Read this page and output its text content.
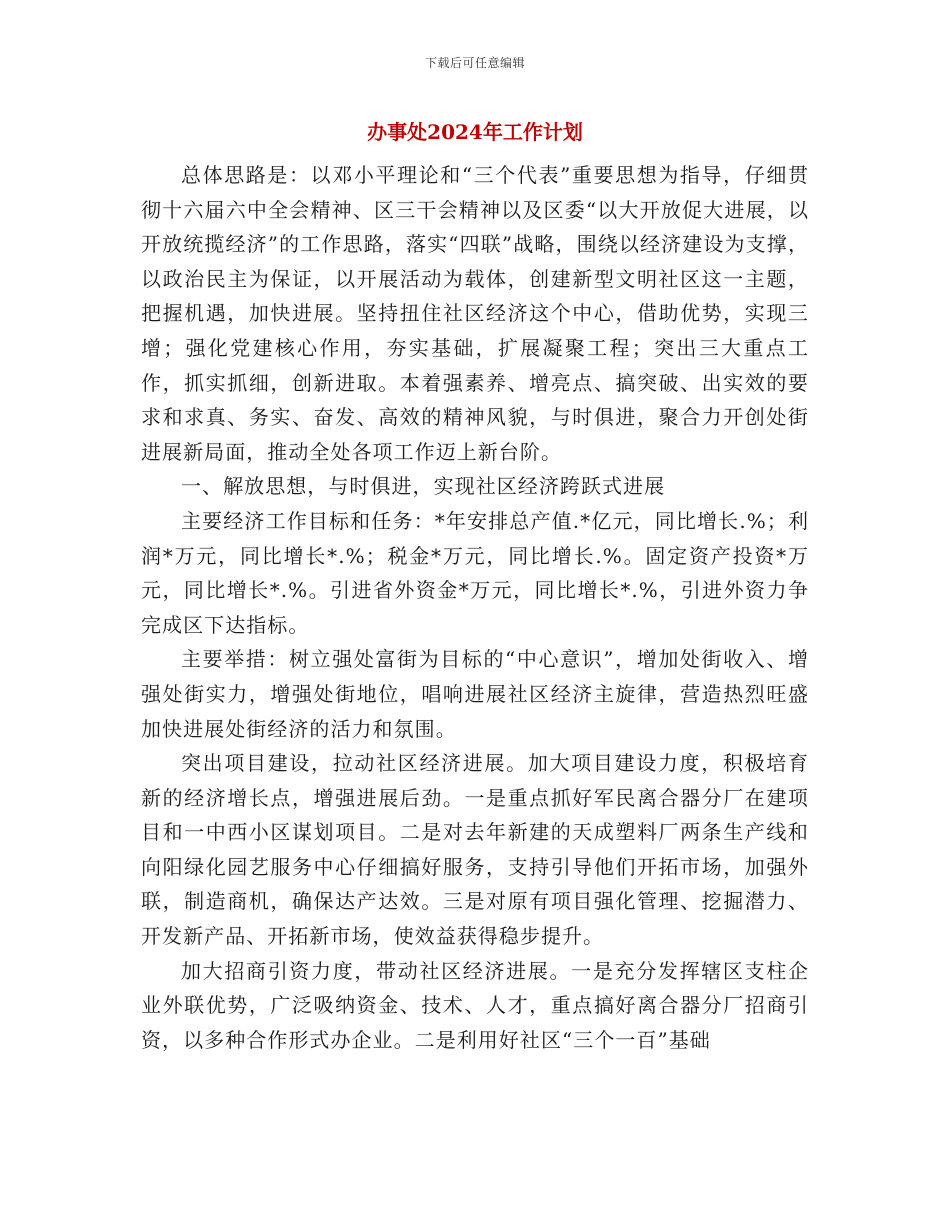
下载后可任意编辑
办事处2024年工作计划

总体思路是：以邓小平理论和“三个代表”重要思想为指导，仔细贯彻十六届六中全会精神、区三干会精神以及区委“以大开放促大进展，以开放统揽经济”的工作思路，落实“四联”战略，围绕以经济建设为支撑，以政治民主为保证，以开展活动为载体，创建新型文明社区这一主题，把握机遇，加快进展。坚持扭住社区经济这个中心，借助优势，实现三增；强化党建核心作用，夯实基础，扩展凝聚工程；突出三大重点工作，抓实抓细，创新进取。本着强素养、增亮点、搞突破、出实效的要求和求真、务实、奋发、高效的精神风貌，与时俱进，聚合力开创处街进展新局面，推动全处各项工作迈上新台阶。

一、解放思想，与时俱进，实现社区经济跨跃式进展

主要经济工作目标和任务：*年安排总产值.*亿元，同比增长.%；利润*万元，同比增长*.%；税金*万元，同比增长.%。固定资产投资*万元，同比增长*.%。引进省外资金*万元，同比增长*.%，引进外资力争完成区下达指标。

主要举措：树立强处富街为目标的“中心意识”，增加处街收入、增强处街实力，增强处街地位，唱响进展社区经济主旋律，营造热烈旺盛加快进展处街经济的活力和氛围。

突出项目建设，拉动社区经济进展。加大项目建设力度，积极培育新的经济增长点，增强进展后劲。一是重点抓好军民离合器分厂在建项目和一中西小区谋划项目。二是对去年新建的天成塑料厂两条生产线和向阳绿化园艺服务中心仔细搞好服务，支持引导他们开拓市场，加强外联，制造商机，确保达产达效。三是对原有项目强化管理、挖掘潜力、开发新产品、开拓新市场，使效益获得稳步提升。

加大招商引资力度，带动社区经济进展。一是充分发挥辖区支柱企业外联优势，广泛吸纳资金、技术、人才，重点搞好离合器分厂招商引资，以多种合作形式办企业。二是利用好社区“三个一百”基础
